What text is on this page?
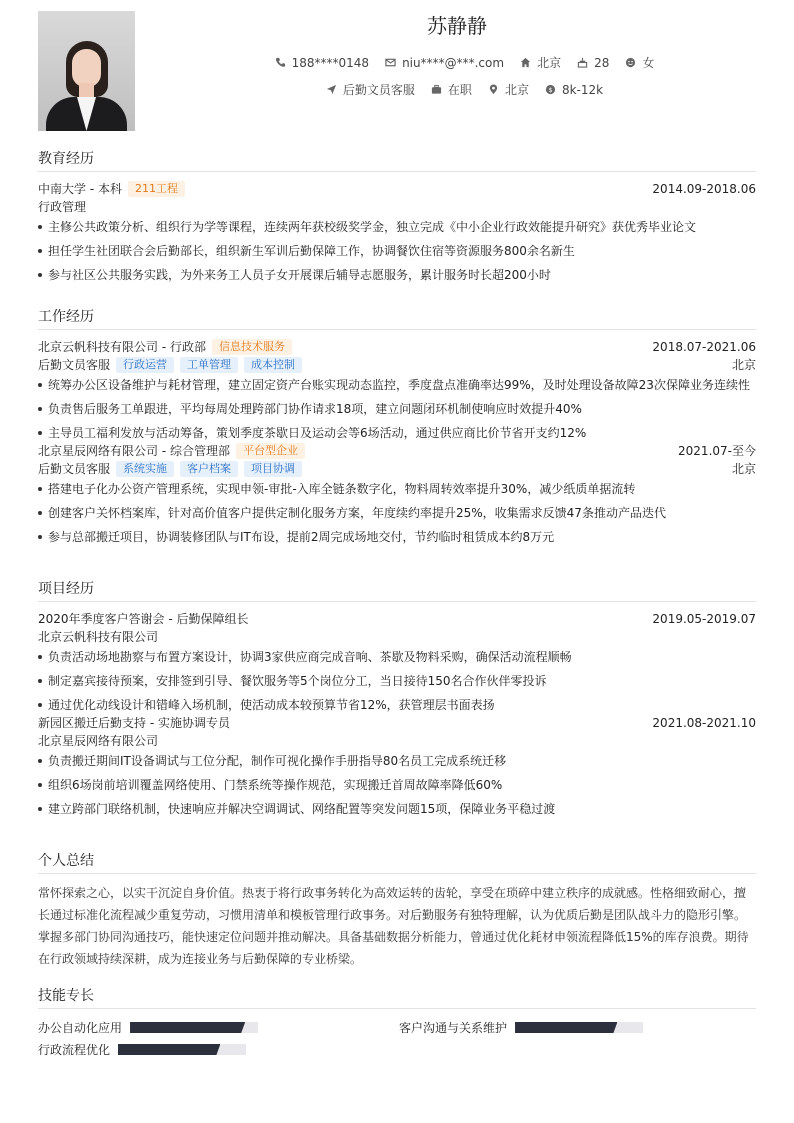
苏静静
188****0148	niu****@***.com	北京	28	女
后勤文员客服	在职	北京	$ 8k-12k
教育经历
中南大学 - 本科	211工程	2014.09-2018.06
行政管理
主修公共政策分析、组织行为学等课程，连续两年获校级奖学金，独立完成《中小企业行政效能提升研究》获优秀毕业论文
担任学生社团联合会后勤部长，组织新生军训后勤保障工作，协调餐饮住宿等资源服务800余名新生
参与社区公共服务实践，为外来务工人员子女开展课后辅导志愿服务，累计服务时长超200小时
工作经历
北京云帆科技有限公司 - 行政部	信息技术服务	2018.07-2021.06
后勤文员客服	行政运营	工单管理	成本控制	北京
统筹办公区设备维护与耗材管理，建立固定资产台账实现动态监控，季度盘点准确率达99%，及时处理设备故障23次保障业务连续性
负责售后服务工单跟进，平均每周处理跨部门协作请求18项，建立问题闭环机制使响应时效提升40%
主导员工福利发放与活动筹备，策划季度茶歇日及运动会等6场活动，通过供应商比价节省开支约12%
北京星辰网络有限公司 - 综合管理部	平台型企业	2021.07-至今
后勤文员客服	系统实施	客户档案	项目协调	北京
搭建电子化办公资产管理系统，实现申领-审批-入库全链条数字化，物料周转效率提升30%，减少纸质单据流转
创建客户关怀档案库，针对高价值客户提供定制化服务方案，年度续约率提升25%，收集需求反馈47条推动产品迭代
参与总部搬迁项目，协调装修团队与IT布设，提前2周完成场地交付，节约临时租赁成本约8万元
项目经历
2020年季度客户答谢会 - 后勤保障组长	2019.05-2019.07
北京云帆科技有限公司
负责活动场地勘察与布置方案设计，协调3家供应商完成音响、茶歇及物料采购，确保活动流程顺畅
制定嘉宾接待预案，安排签到引导、餐饮服务等5个岗位分工，当日接待150名合作伙伴零投诉
通过优化动线设计和错峰入场机制，使活动成本较预算节省12%，获管理层书面表扬
新园区搬迁后勤支持 - 实施协调专员	2021.08-2021.10
北京星辰网络有限公司
负责搬迁期间IT设备调试与工位分配，制作可视化操作手册指导80名员工完成系统迁移
组织6场岗前培训覆盖网络使用、门禁系统等操作规范，实现搬迁首周故障率降低60%
建立跨部门联络机制，快速响应并解决空调调试、网络配置等突发问题15项，保障业务平稳过渡
个人总结
常怀探索之心，以实干沉淀自身价值。热衷于将行政事务转化为高效运转的齿轮，享受在琐碎中建立秩序的成就感。性格细致耐心，擅
长通过标准化流程减少重复劳动，习惯用清单和模板管理行政事务。对后勤服务有独特理解，认为优质后勤是团队战斗力的隐形引擎。
掌握多部门协同沟通技巧，能快速定位问题并推动解决。具备基础数据分析能力，曾通过优化耗材申领流程降低15%的库存浪费。期待
在行政领域持续深耕，成为连接业务与后勤保障的专业桥梁。
技能专长
办公自动化应用	客户沟通与关系维护
行政流程优化
